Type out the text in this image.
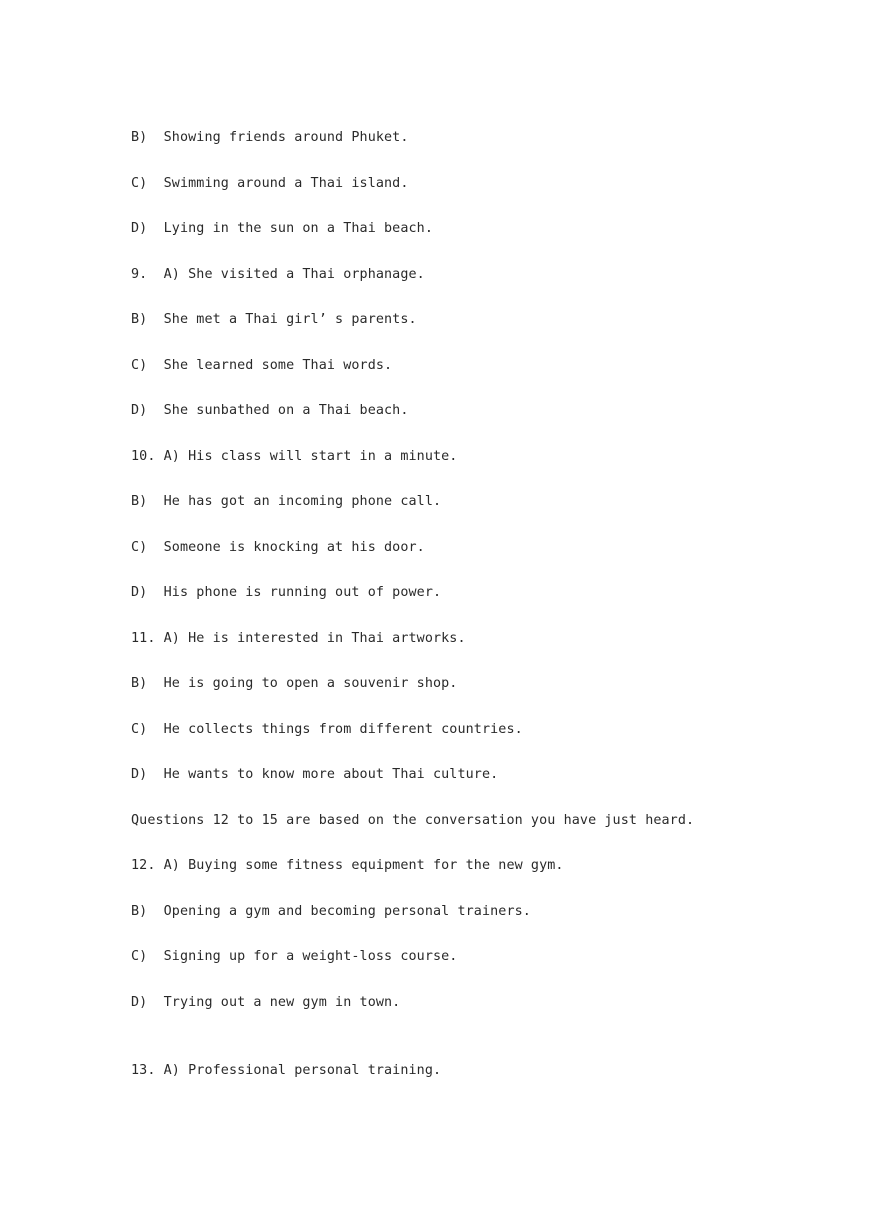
B)  Showing friends around Phuket.
C)  Swimming around a Thai island.
D)  Lying in the sun on a Thai beach.
9.  A) She visited a Thai orphanage.
B)  She met a Thai girl’ s parents.
C)  She learned some Thai words.
D)  She sunbathed on a Thai beach.
10. A) His class will start in a minute.
B)  He has got an incoming phone call.
C)  Someone is knocking at his door.
D)  His phone is running out of power.
11. A) He is interested in Thai artworks.
B)  He is going to open a souvenir shop.
C)  He collects things from different countries.
D)  He wants to know more about Thai culture.
Questions 12 to 15 are based on the conversation you have just heard.
12. A) Buying some fitness equipment for the new gym.
B)  Opening a gym and becoming personal trainers.
C)  Signing up for a weight-loss course.
D)  Trying out a new gym in town.
13. A) Professional personal training.
